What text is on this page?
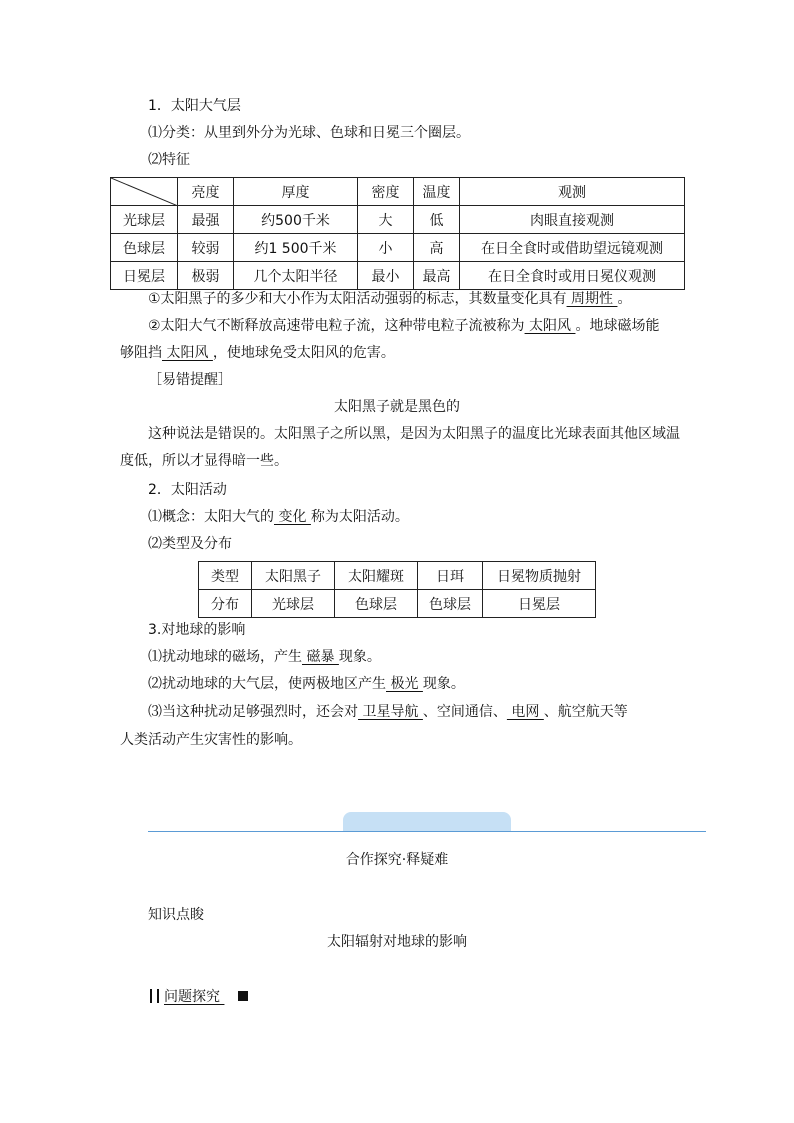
1．太阳大气层
⑴分类：从里到外分为光球、色球和日冕三个圈层。
⑵特征
	亮度	厚度	密度	温度	观测
光球层	最强	约500千米	大	低	肉眼直接观测
色球层	较弱	约1 500千米	小	高	在日全食时或借助望远镜观测
日冕层	极弱	几个太阳半径	最小	最高	在日全食时或用日冕仪观测
①太阳黑子的多少和大小作为太阳活动强弱的标志，其数量变化具有 周期性 。
②太阳大气不断释放高速带电粒子流，这种带电粒子流被称为 太阳风 。地球磁场能
够阻挡 太阳风 ，使地球免受太阳风的危害。
［易错提醒］
太阳黑子就是黑色的
这种说法是错误的。太阳黑子之所以黑，是因为太阳黑子的温度比光球表面其他区域温
度低，所以才显得暗一些。
2．太阳活动
⑴概念：太阳大气的 变化 称为太阳活动。
⑵类型及分布
类型	太阳黑子	太阳耀斑	日珥	日冕物质抛射
分布	光球层	色球层	色球层	日冕层
3.对地球的影响
⑴扰动地球的磁场，产生 磁暴 现象。
⑵扰动地球的大气层，使两极地区产生 极光 现象。
⑶当这种扰动足够强烈时，还会对 卫星导航 、空间通信、 电网 、航空航天等
人类活动产生灾害性的影响。
合作探究·释疑难
知识点睃
太阳辐射对地球的影响
问题探究
